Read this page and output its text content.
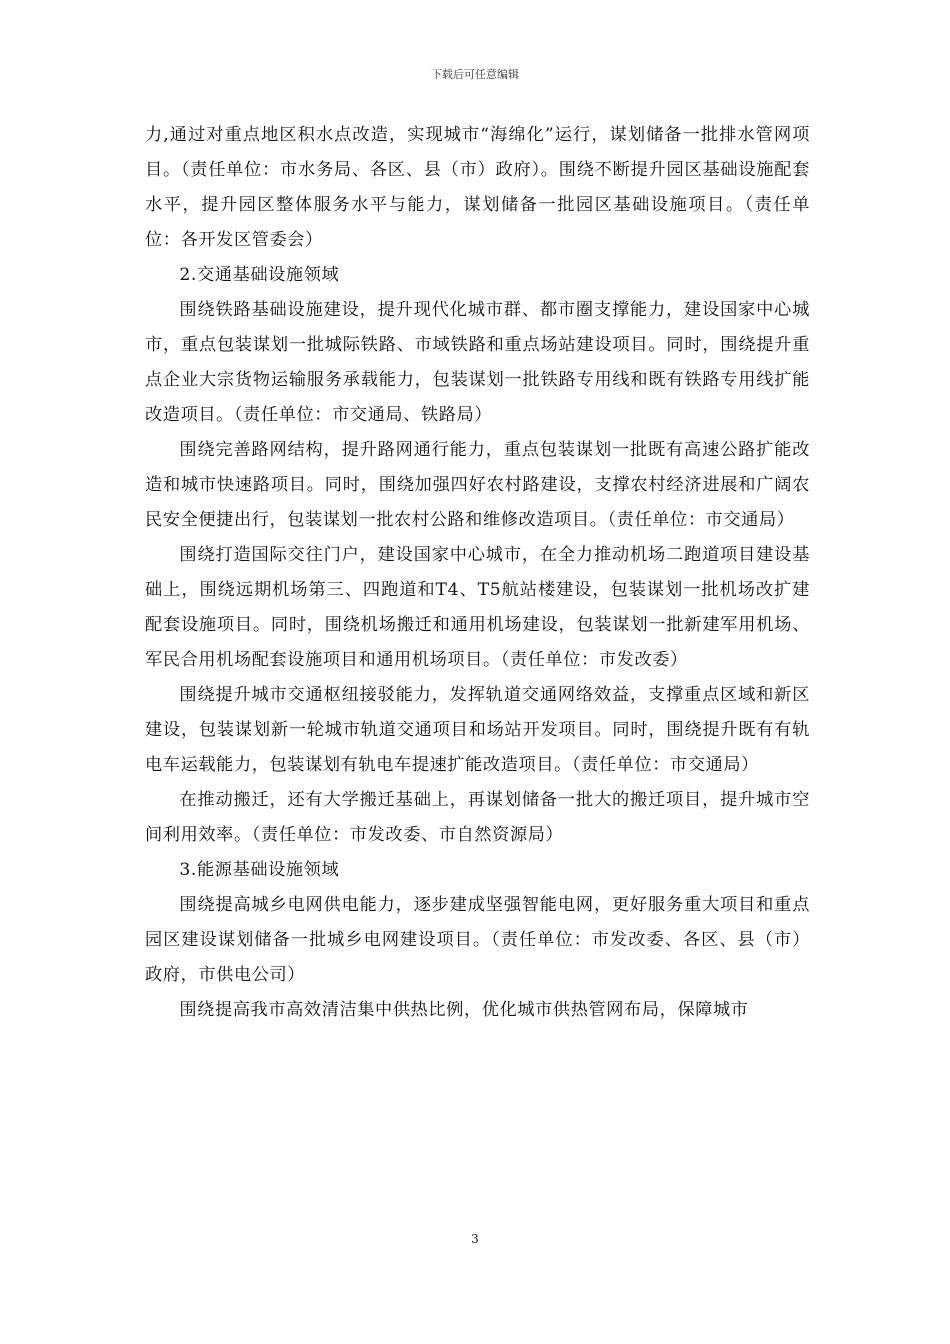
下载后可任意编辑

力,通过对重点地区积水点改造，实现城市“海绵化”运行，谋划储备一批排水管网项目。（责任单位：市水务局、各区、县（市）政府）。围绕不断提升园区基础设施配套水平，提升园区整体服务水平与能力，谋划储备一批园区基础设施项目。（责任单位：各开发区管委会）

2.交通基础设施领域

围绕铁路基础设施建设，提升现代化城市群、都市圈支撑能力，建设国家中心城市，重点包装谋划一批城际铁路、市域铁路和重点场站建设项目。同时，围绕提升重点企业大宗货物运输服务承载能力，包装谋划一批铁路专用线和既有铁路专用线扩能改造项目。（责任单位：市交通局、铁路局）

围绕完善路网结构，提升路网通行能力，重点包装谋划一批既有高速公路扩能改造和城市快速路项目。同时，围绕加强四好农村路建设，支撑农村经济进展和广阔农民安全便捷出行，包装谋划一批农村公路和维修改造项目。（责任单位：市交通局）

围绕打造国际交往门户，建设国家中心城市，在全力推动机场二跑道项目建设基础上，围绕远期机场第三、四跑道和T4、T5航站楼建设，包装谋划一批机场改扩建配套设施项目。同时，围绕机场搬迁和通用机场建设，包装谋划一批新建军用机场、军民合用机场配套设施项目和通用机场项目。（责任单位：市发改委）

围绕提升城市交通枢纽接驳能力，发挥轨道交通网络效益，支撑重点区域和新区建设，包装谋划新一轮城市轨道交通项目和场站开发项目。同时，围绕提升既有有轨电车运载能力，包装谋划有轨电车提速扩能改造项目。（责任单位：市交通局）

在推动搬迁，还有大学搬迁基础上，再谋划储备一批大的搬迁项目，提升城市空间利用效率。（责任单位：市发改委、市自然资源局）

3.能源基础设施领域

围绕提高城乡电网供电能力，逐步建成坚强智能电网，更好服务重大项目和重点园区建设谋划储备一批城乡电网建设项目。（责任单位：市发改委、各区、县（市）政府，市供电公司）

围绕提高我市高效清洁集中供热比例，优化城市供热管网布局，保障城市

3
